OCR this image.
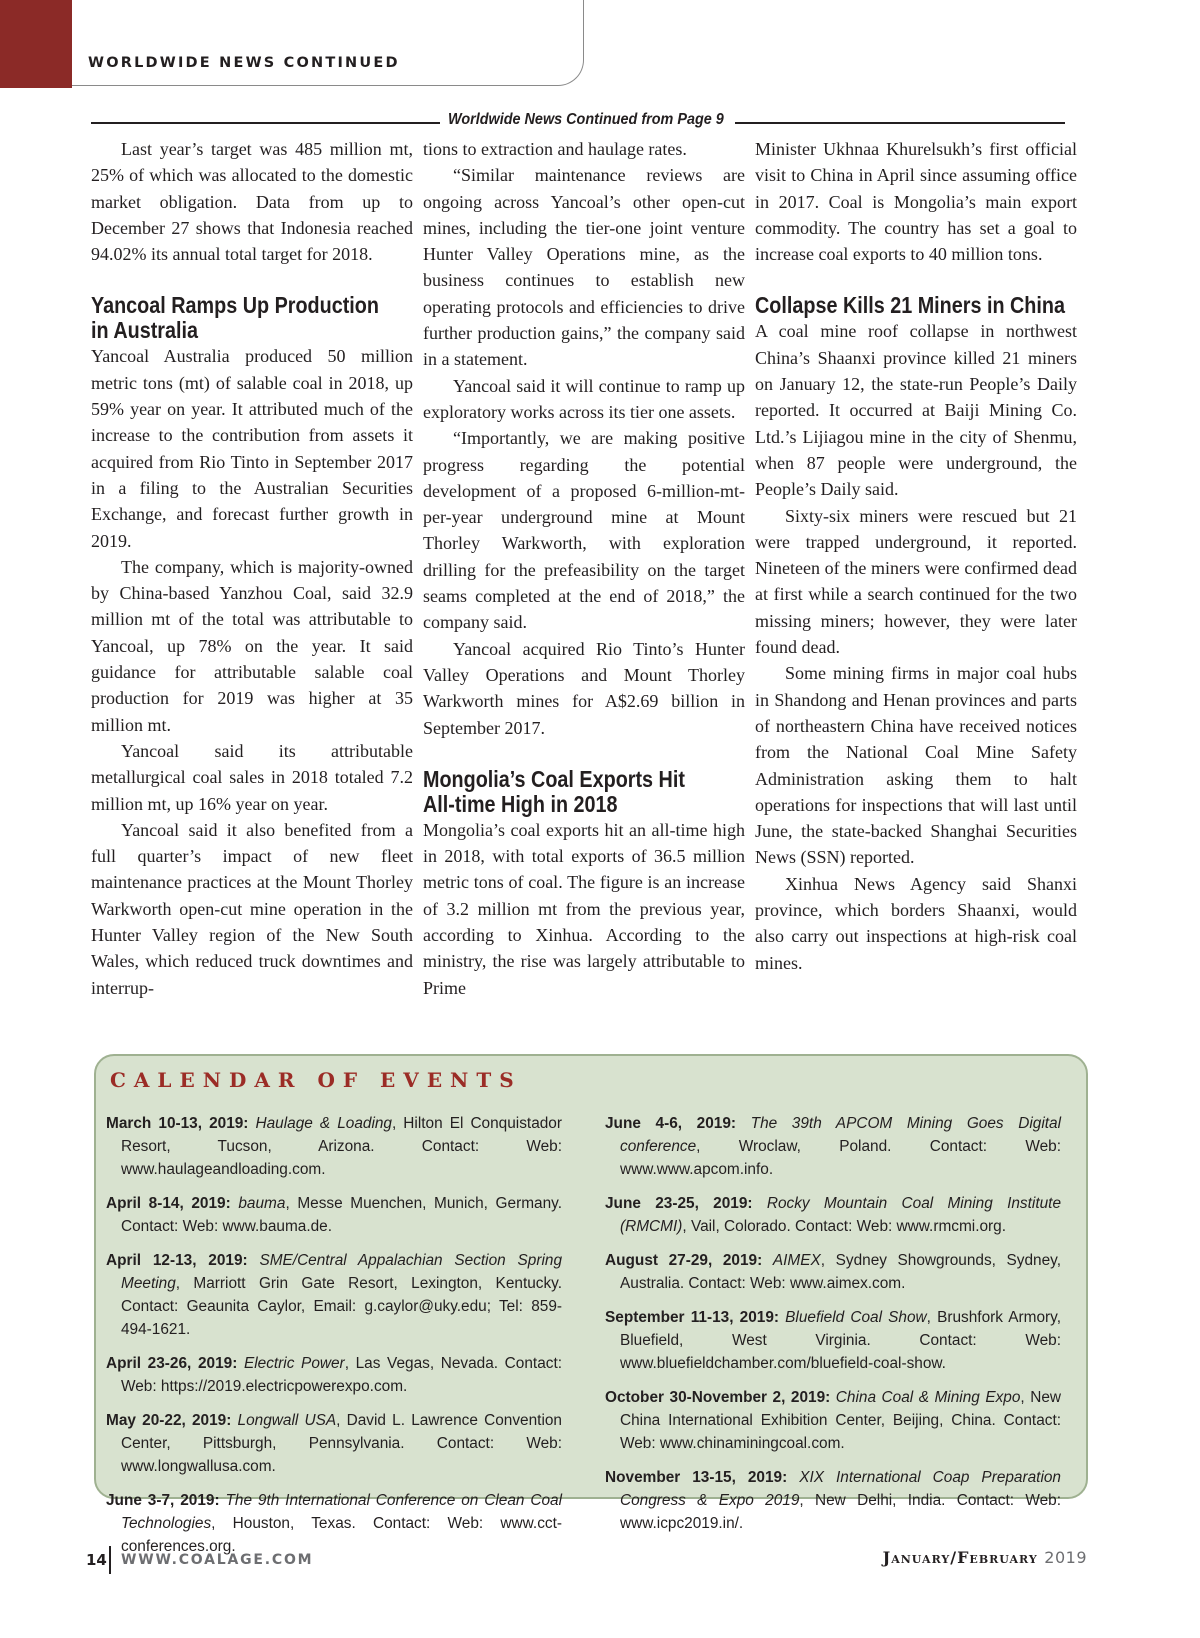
WORLDWIDE NEWS CONTINUED
Worldwide News Continued from Page 9

Last year’s target was 485 million mt, 25% of which was allocated to the domestic market obligation. Data from up to December 27 shows that Indonesia reached 94.02% its annual total target for 2018.

Yancoal Ramps Up Production
in Australia

Yancoal Australia produced 50 million metric tons (mt) of salable coal in 2018, up 59% year on year. It attributed much of the increase to the contribution from assets it acquired from Rio Tinto in September 2017 in a filing to the Australian Securities Exchange, and forecast further growth in 2019.

The company, which is majority-owned by China-based Yanzhou Coal, said 32.9 million mt of the total was attributable to Yancoal, up 78% on the year. It said guidance for attributable salable coal production for 2019 was higher at 35 million mt.

Yancoal said its attributable metallurgical coal sales in 2018 totaled 7.2 million mt, up 16% year on year.

Yancoal said it also benefited from a full quarter’s impact of new fleet maintenance practices at the Mount Thorley Warkworth open-cut mine operation in the Hunter Valley region of the New South Wales, which reduced truck downtimes and interrup-

tions to extraction and haulage rates.

“Similar maintenance reviews are ongoing across Yancoal’s other open-cut mines, including the tier-one joint venture Hunter Valley Operations mine, as the business continues to establish new operating protocols and efficiencies to drive further production gains,” the company said in a statement.

Yancoal said it will continue to ramp up exploratory works across its tier one assets.

“Importantly, we are making positive progress regarding the potential development of a proposed 6-million-mt-per-year underground mine at Mount Thorley Warkworth, with exploration drilling for the prefeasibility on the target seams completed at the end of 2018,” the company said.

Yancoal acquired Rio Tinto’s Hunter Valley Operations and Mount Thorley Warkworth mines for A$2.69 billion in September 2017.

Mongolia’s Coal Exports Hit
All-time High in 2018

Mongolia’s coal exports hit an all-time high in 2018, with total exports of 36.5 million metric tons of coal. The figure is an increase of 3.2 million mt from the previous year, according to Xinhua. According to the ministry, the rise was largely attributable to Prime

Minister Ukhnaa Khurelsukh’s first official visit to China in April since assuming office in 2017. Coal is Mongolia’s main export commodity. The country has set a goal to increase coal exports to 40 million tons.

Collapse Kills 21 Miners in China

A coal mine roof collapse in northwest China’s Shaanxi province killed 21 miners on January 12, the state-run People’s Daily reported. It occurred at Baiji Mining Co. Ltd.’s Lijiagou mine in the city of Shenmu, when 87 people were underground, the People’s Daily said.

Sixty-six miners were rescued but 21 were trapped underground, it reported. Nineteen of the miners were confirmed dead at first while a search continued for the two missing miners; however, they were later found dead.

Some mining firms in major coal hubs in Shandong and Henan provinces and parts of northeastern China have received notices from the National Coal Mine Safety Administration asking them to halt operations for inspections that will last until June, the state-backed Shanghai Securities News (SSN) reported.

Xinhua News Agency said Shanxi province, which borders Shaanxi, would also carry out inspections at high-risk coal mines.

CALENDAR OF EVENTS
March 10-13, 2019: Haulage & Loading, Hilton El Conquistador Resort, Tucson, Arizona. Contact: Web: www.haulageandloading.com.
April 8-14, 2019: bauma, Messe Muenchen, Munich, Germany. Contact: Web: www.bauma.de.
April 12-13, 2019: SME/Central Appalachian Section Spring Meeting, Marriott Grin Gate Resort, Lexington, Kentucky. Contact: Geaunita Caylor, Email: g.caylor@uky.edu; Tel: 859-494-1621.
April 23-26, 2019: Electric Power, Las Vegas, Nevada. Contact: Web: https://2019.electricpowerexpo.com.
May 20-22, 2019: Longwall USA, David L. Lawrence Convention Center, Pittsburgh, Pennsylvania. Contact: Web: www.longwallusa.com.
June 3-7, 2019: The 9th International Conference on Clean Coal Technologies, Houston, Texas. Contact: Web: www.cct-conferences.org.
June 4-6, 2019: The 39th APCOM Mining Goes Digital conference, Wroclaw, Poland. Contact: Web: www.www.apcom.info.
June 23-25, 2019: Rocky Mountain Coal Mining Institute (RMCMI), Vail, Colorado. Contact: Web: www.rmcmi.org.
August 27-29, 2019: AIMEX, Sydney Showgrounds, Sydney, Australia. Contact: Web: www.aimex.com.
September 11-13, 2019: Bluefield Coal Show, Brushfork Armory, Bluefield, West Virginia. Contact: Web: www.bluefieldchamber.com/bluefield-coal-show.
October 30-November 2, 2019: China Coal & Mining Expo, New China International Exhibition Center, Beijing, China. Contact: Web: www.chinaminingcoal.com.
November 13-15, 2019: XIX International Coap Preparation Congress & Expo 2019, New Delhi, India. Contact: Web: www.icpc2019.in/.
14 WWW.COALAGE.COM	January/February 2019
